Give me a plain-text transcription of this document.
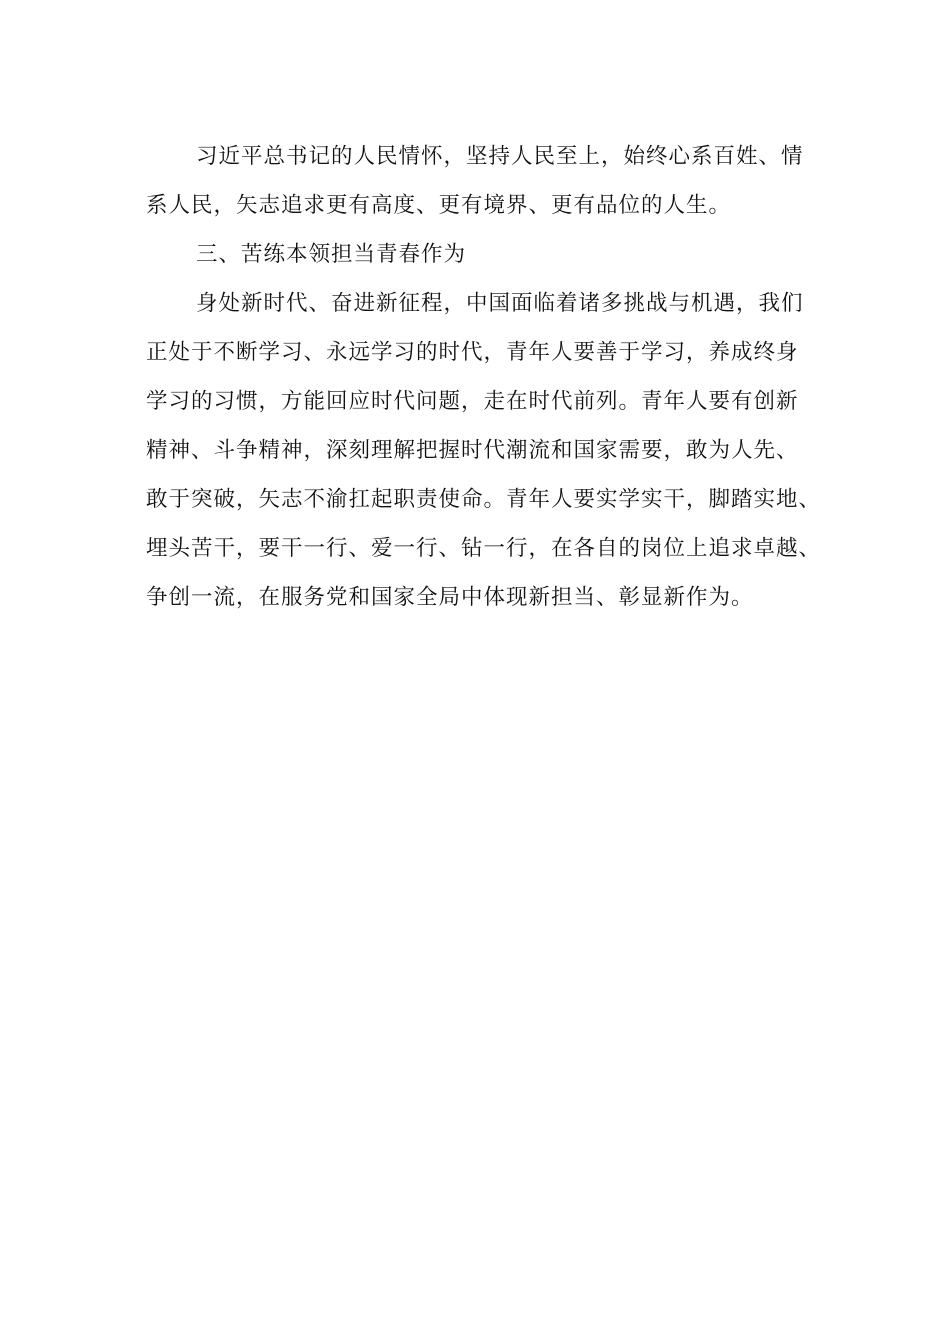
习近平总书记的人民情怀，坚持人民至上，始终心系百姓、情
系人民，矢志追求更有高度、更有境界、更有品位的人生。

三、苦练本领担当青春作为

身处新时代、奋进新征程，中国面临着诸多挑战与机遇，我们
正处于不断学习、永远学习的时代，青年人要善于学习，养成终身
学习的习惯，方能回应时代问题，走在时代前列。青年人要有创新
精神、斗争精神，深刻理解把握时代潮流和国家需要，敢为人先、
敢于突破，矢志不渝扛起职责使命。青年人要实学实干，脚踏实地、
埋头苦干，要干一行、爱一行、钻一行，在各自的岗位上追求卓越、
争创一流，在服务党和国家全局中体现新担当、彰显新作为。
